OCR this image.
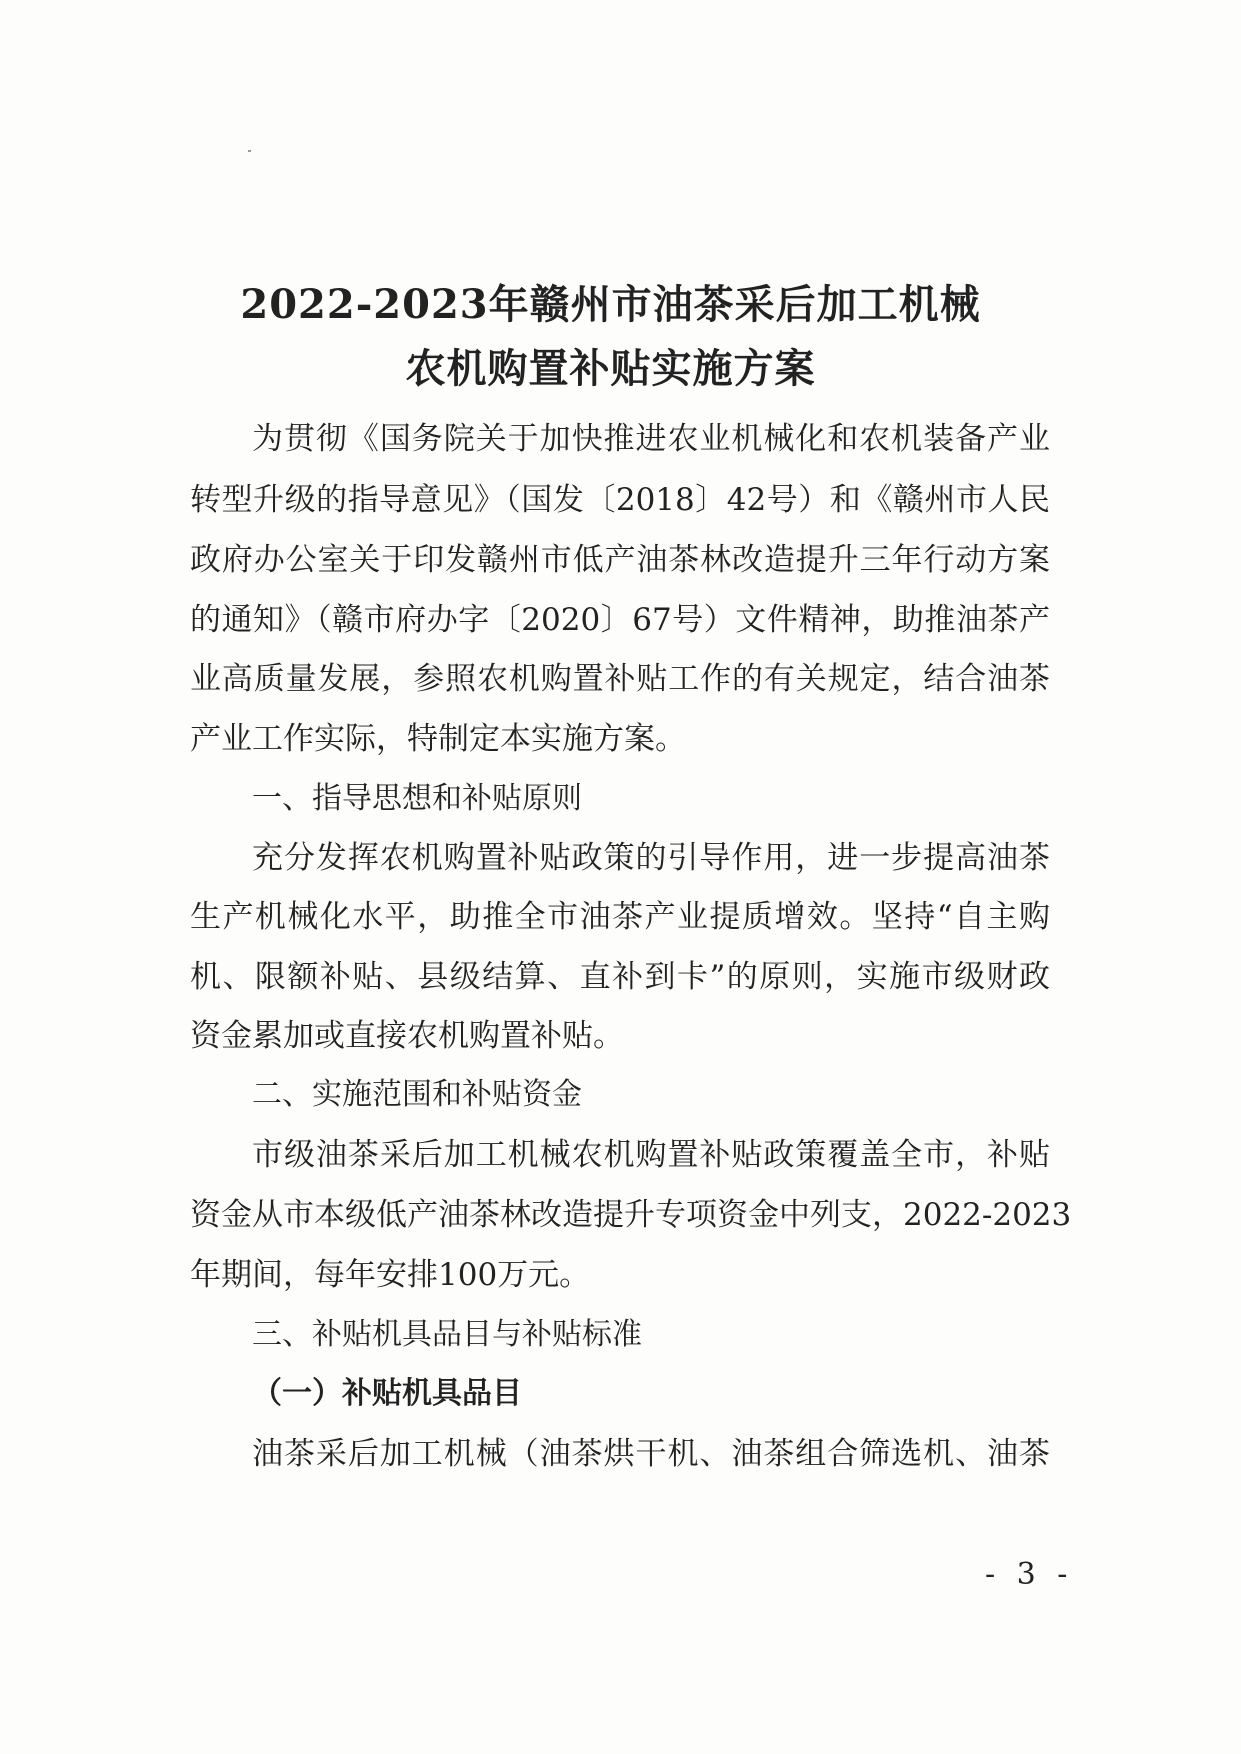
2022-2023年赣州市油茶采后加工机械
农机购置补贴实施方案
为贯彻《国务院关于加快推进农业机械化和农机装备产业
转型升级的指导意见》（国发〔2018〕42号）和《赣州市人民
政府办公室关于印发赣州市低产油茶林改造提升三年行动方案
的通知》（赣市府办字〔2020〕67号）文件精神，助推油茶产
业高质量发展，参照农机购置补贴工作的有关规定，结合油茶
产业工作实际，特制定本实施方案。
一、指导思想和补贴原则
充分发挥农机购置补贴政策的引导作用，进一步提高油茶
生产机械化水平，助推全市油茶产业提质增效。坚持“自主购
机、限额补贴、县级结算、直补到卡”的原则，实施市级财政
资金累加或直接农机购置补贴。
二、实施范围和补贴资金
市级油茶采后加工机械农机购置补贴政策覆盖全市，补贴
资金从市本级低产油茶林改造提升专项资金中列支，2022-2023
年期间，每年安排100万元。
三、补贴机具品目与补贴标准
（一）补贴机具品目
油茶采后加工机械（油茶烘干机、油茶组合筛选机、油茶
- 3 -
